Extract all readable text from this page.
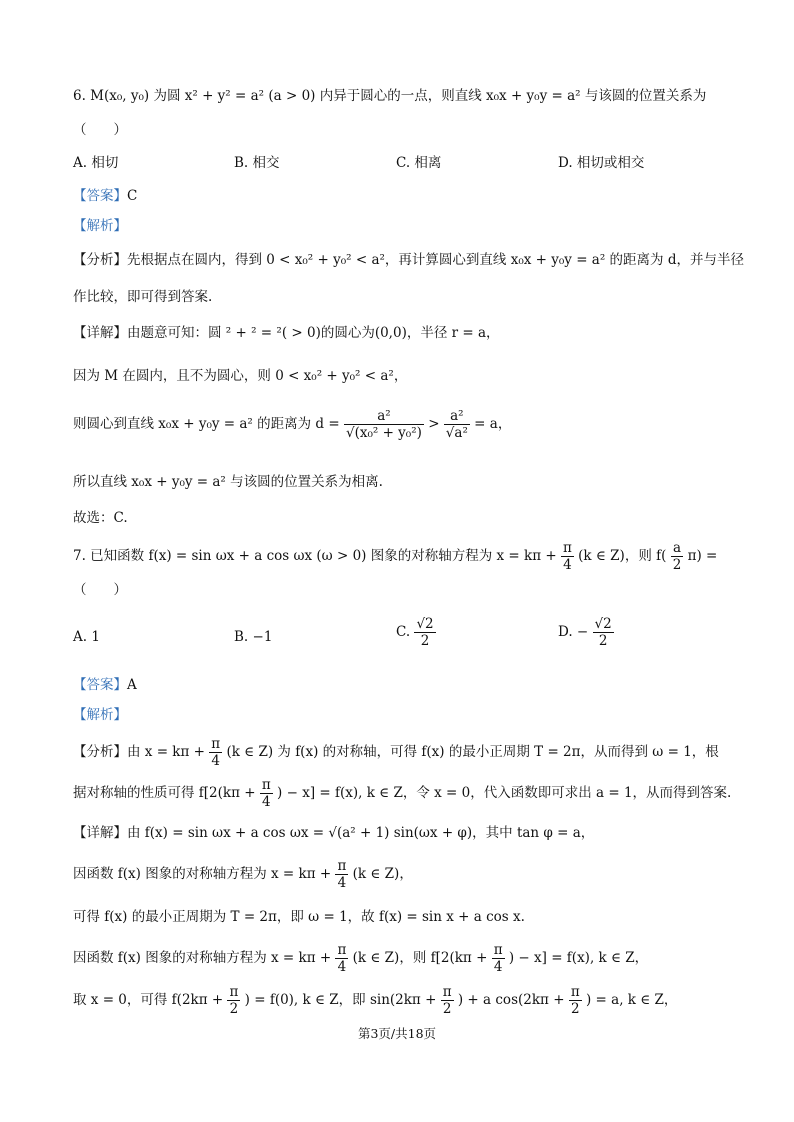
6. M(x₀, y₀) 为圆 x² + y² = a² (a > 0) 内异于圆心的一点，则直线 x₀x + y₀y = a² 与该圆的位置关系为
（　　）
A. 相切	B. 相交	C. 相离	D. 相切或相交
【答案】C
【解析】
【分析】先根据点在圆内，得到 0 < x₀² + y₀² < a²，再计算圆心到直线 x₀x + y₀y = a² 的距离为 d，并与半径
作比较，即可得到答案.
【详解】由题意可知：圆 ² + ² = ²( > 0)的圆心为(0,0)，半径 r = a，
因为 M 在圆内，且不为圆心，则 0 < x₀² + y₀² < a²，
则圆心到直线 x₀x + y₀y = a² 的距离为 $d = \frac{\text{a²}}{\text{√(x₀² + y₀²)}} > \frac{\text{a²}}{\text{√a²}} = a$，
所以直线 x₀x + y₀y = a² 与该圆的位置关系为相离.
故选：C.
7. 已知函数 f(x) = sin ωx + a cos ωx (ω > 0) 图象的对称轴方程为 $x = k\pi + \frac{\pi}{4} (k$ ∈ Z)，则 $f( \frac{a}{2} \pi)$ =
（　　）
A. 1	B. −1	C. $\frac{√2}{2}$	D. − $\frac{√2}{2}$
【答案】A
【解析】
【分析】由 $x = k\pi + \frac{\pi}{4} (k$ ∈ Z) 为 f(x) 的对称轴，可得 f(x) 的最小正周期 T = 2π，从而得到 ω = 1，根
据对称轴的性质可得 $f[2(k\pi + \frac{\pi}{4}$ ) − x] = f(x), k ∈ Z，令 x = 0，代入函数即可求出 a = 1，从而得到答案.
【详解】由 f(x) = sin ωx + a cos ωx = √(a² + 1) sin(ωx + φ)，其中 tan φ = a，
因函数 f(x) 图象的对称轴方程为 $x = k\pi + \frac{\pi}{4} (k$ ∈ Z)，
可得 f(x) 的最小正周期为 T = 2π，即 ω = 1，故 f(x) = sin x + a cos x.
因函数 f(x) 图象的对称轴方程为 $x = k\pi + \frac{\pi}{4} (k$ ∈ Z)，则 $f[2(k\pi + \frac{\pi}{4}$ ) − x] = f(x), k ∈ Z，
取 x = 0，可得 $f(2k\pi + \frac{\pi}{2}$ ) = f(0), k ∈ Z，即 $\sin(2k\pi + \frac{\pi}{2}$ ) + a $\cos(2k\pi + \frac{\pi}{2}$ ) = a, k ∈ Z，
第3页/共18页
